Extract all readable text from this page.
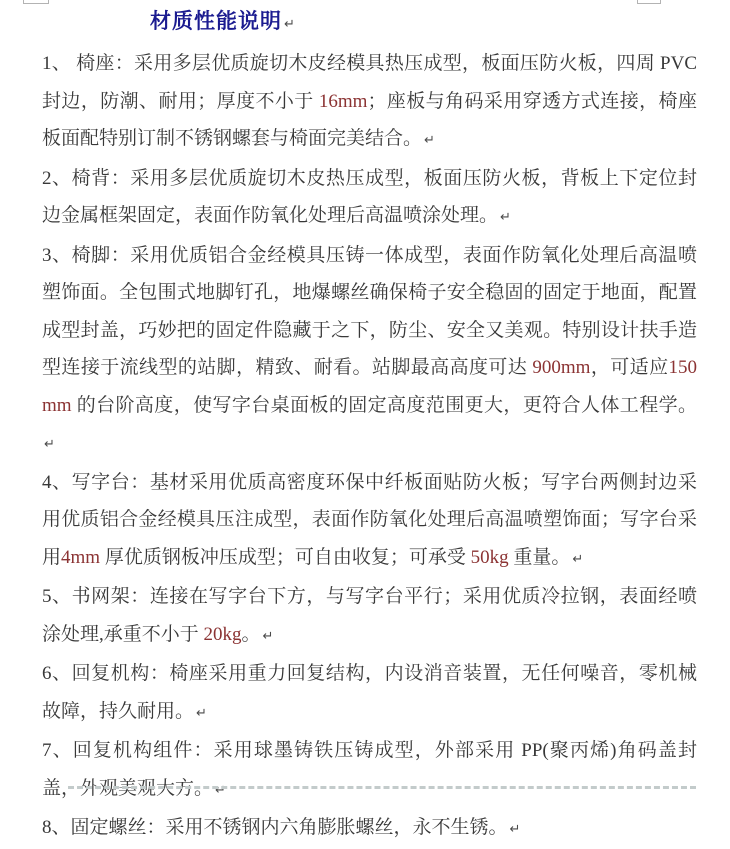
材质性能说明 ↵

1、 椅座：采用多层优质旋切木皮经模具热压成型，板面压防火板，四周 PVC 封边，防潮、耐用；厚度不小于 16mm；座板与角码采用穿透方式连接，椅座板面配特别订制不锈钢螺套与椅面完美结合。 ↵

2、椅背：采用多层优质旋切木皮热压成型，板面压防火板，背板上下定位封边金属框架固定，表面作防氧化处理后高温喷涂处理。 ↵

3、椅脚：采用优质铝合金经模具压铸一体成型，表面作防氧化处理后高温喷塑饰面。全包围式地脚钉孔，地爆螺丝确保椅子安全稳固的固定于地面，配置成型封盖，巧妙把的固定件隐藏于之下，防尘、安全又美观。特别设计扶手造型连接于流线型的站脚，精致、耐看。站脚最高高度可达 900mm，可适应150mm 的台阶高度，使写字台桌面板的固定高度范围更大，更符合人体工程学。↵

4、写字台：基材采用优质高密度环保中纤板面贴防火板；写字台两侧封边采用优质铝合金经模具压注成型，表面作防氧化处理后高温喷塑饰面；写字台采用4mm 厚优质钢板冲压成型；可自由收复；可承受 50kg 重量。 ↵

5、书网架：连接在写字台下方，与写字台平行；采用优质冷拉钢，表面经喷涂处理,承重不小于 20kg。 ↵

6、回复机构：椅座采用重力回复结构，内设消音装置，无任何噪音，零机械故障，持久耐用。 ↵

7、回复机构组件：采用球墨铸铁压铸成型，外部采用 PP(聚丙烯)角码盖封盖，外观美观大方。 ↵

8、固定螺丝：采用不锈钢内六角膨胀螺丝，永不生锈。 ↵
